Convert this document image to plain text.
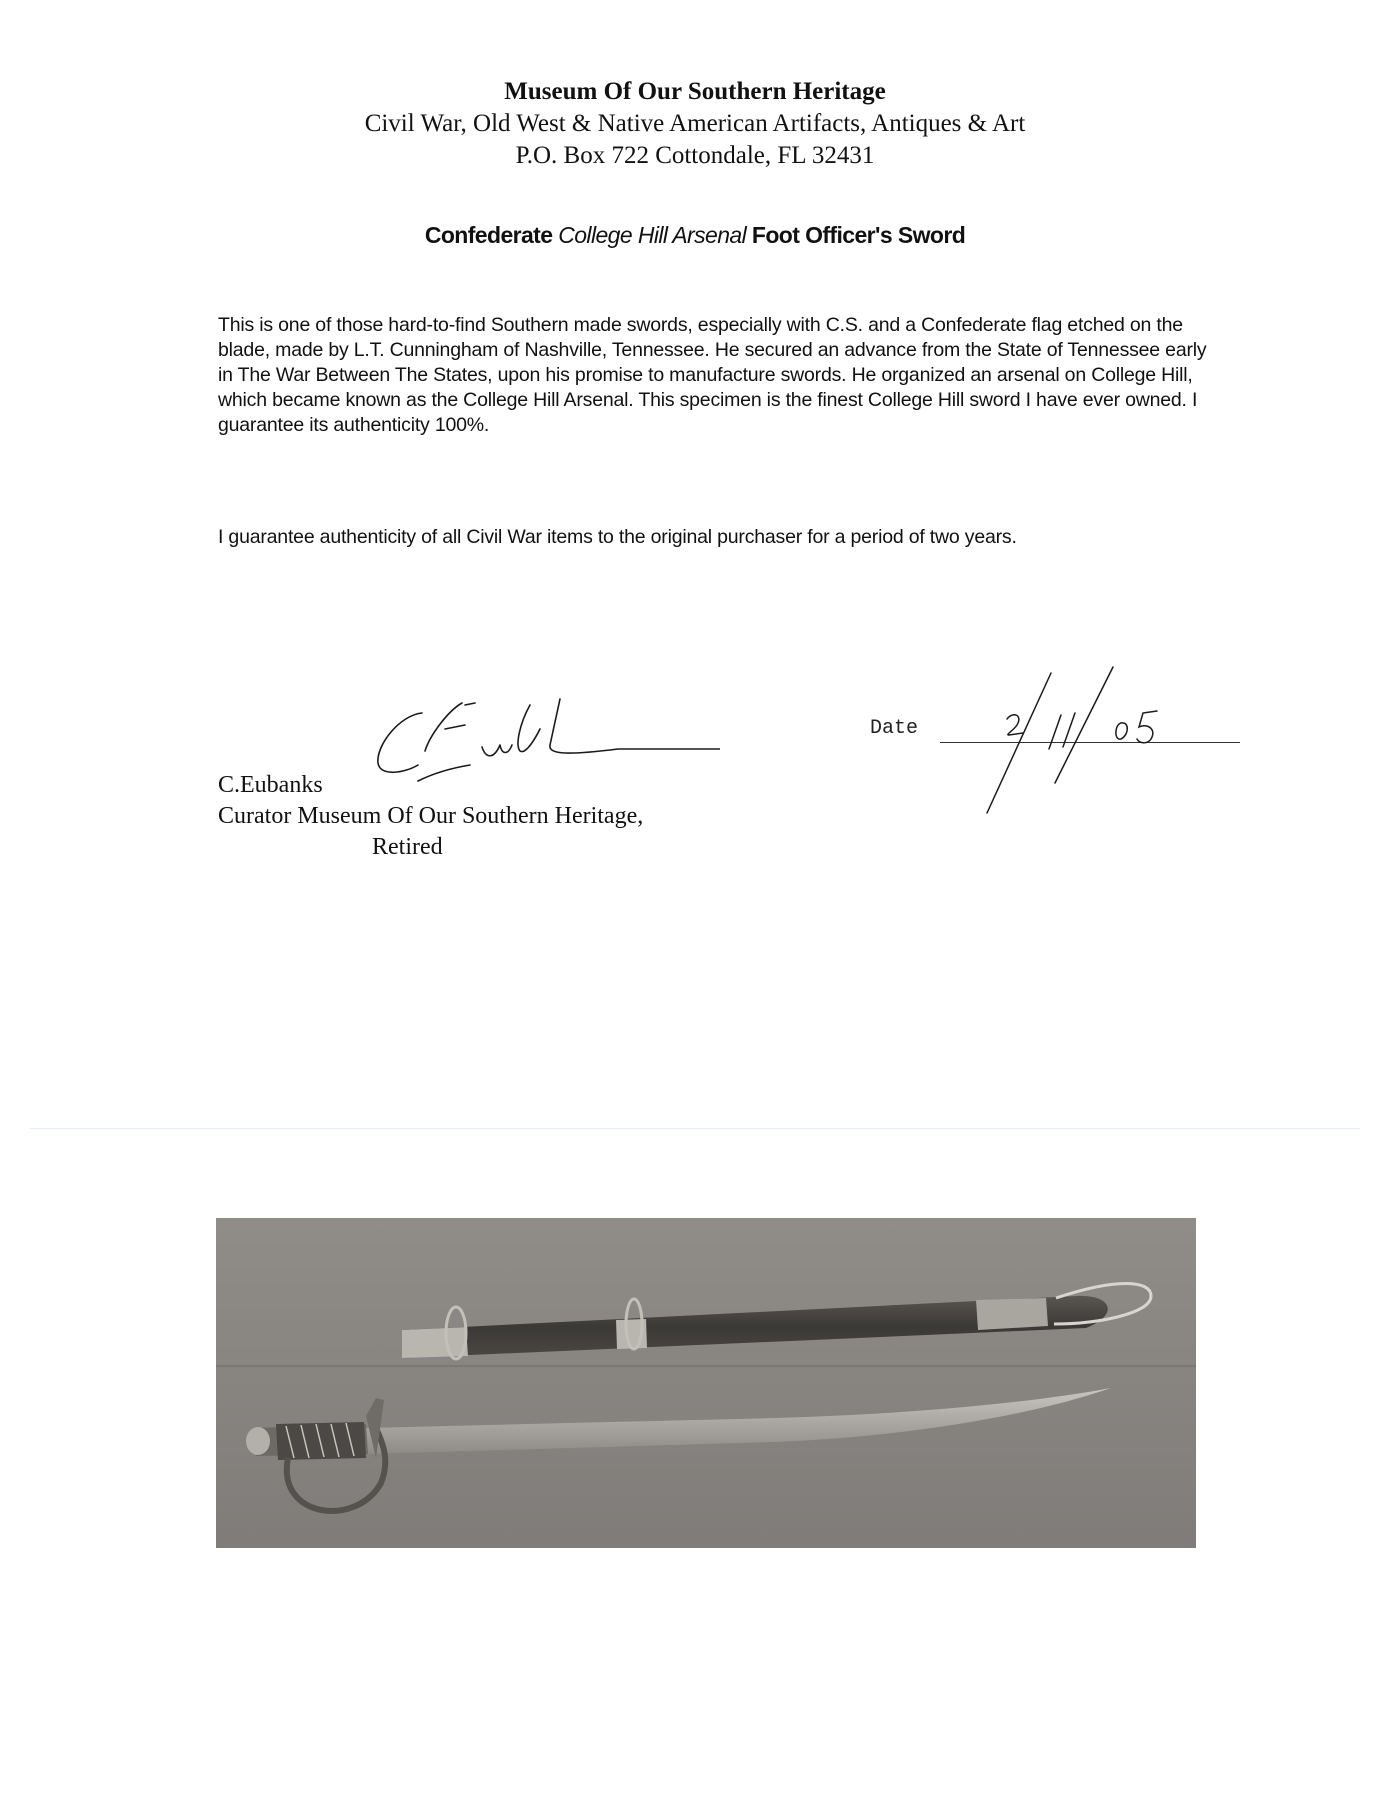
Museum Of Our Southern Heritage
Civil War, Old West & Native American Artifacts, Antiques & Art
P.O. Box 722 Cottondale, FL 32431
Confederate College Hill Arsenal Foot Officer's Sword
This is one of those hard-to-find Southern made swords, especially with C.S. and a Confederate flag etched on the blade, made by L.T. Cunningham of Nashville, Tennessee. He secured an advance from the State of Tennessee early in The War Between The States, upon his promise to manufacture swords. He organized an arsenal on College Hill, which became known as the College Hill Arsenal. This specimen is the finest College Hill sword I have ever owned. I guarantee its authenticity 100%.
I guarantee authenticity of all Civil War items to the original purchaser for a period of two years.
Date
C.Eubanks
Curator Museum Of Our Southern Heritage,
Retired
